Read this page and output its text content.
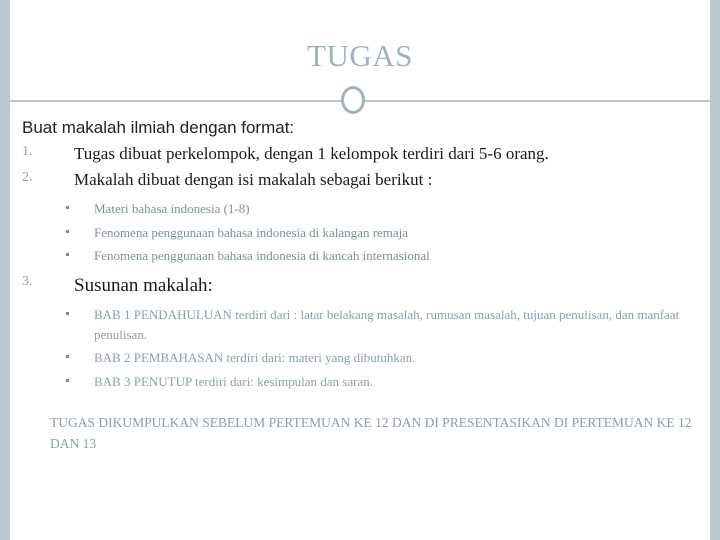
TUGAS

Buat makalah ilmiah dengan format:

1.	Tugas dibuat perkelompok, dengan 1 kelompok terdiri dari 5-6 orang.
2.	Makalah dibuat dengan isi makalah sebagai berikut :
Materi bahasa indonesia (1-8)
Fenomena penggunaan bahasa indonesia di kalangan remaja
Fenomena penggunaan bahasa indonesia di kancah internasional
3.	Susunan makalah:
BAB 1 PENDAHULUAN terdiri dari : latar belakang masalah, rumusan masalah, tujuan penulisan, dan manfaat penulisan.
BAB 2 PEMBAHASAN terdiri dari: materi yang dibutuhkan.
BAB 3 PENUTUP terdiri dari: kesimpulan dan saran.
TUGAS DIKUMPULKAN SEBELUM PERTEMUAN KE 12 DAN DI PRESENTASIKAN DI PERTEMUAN KE 12 DAN 13
